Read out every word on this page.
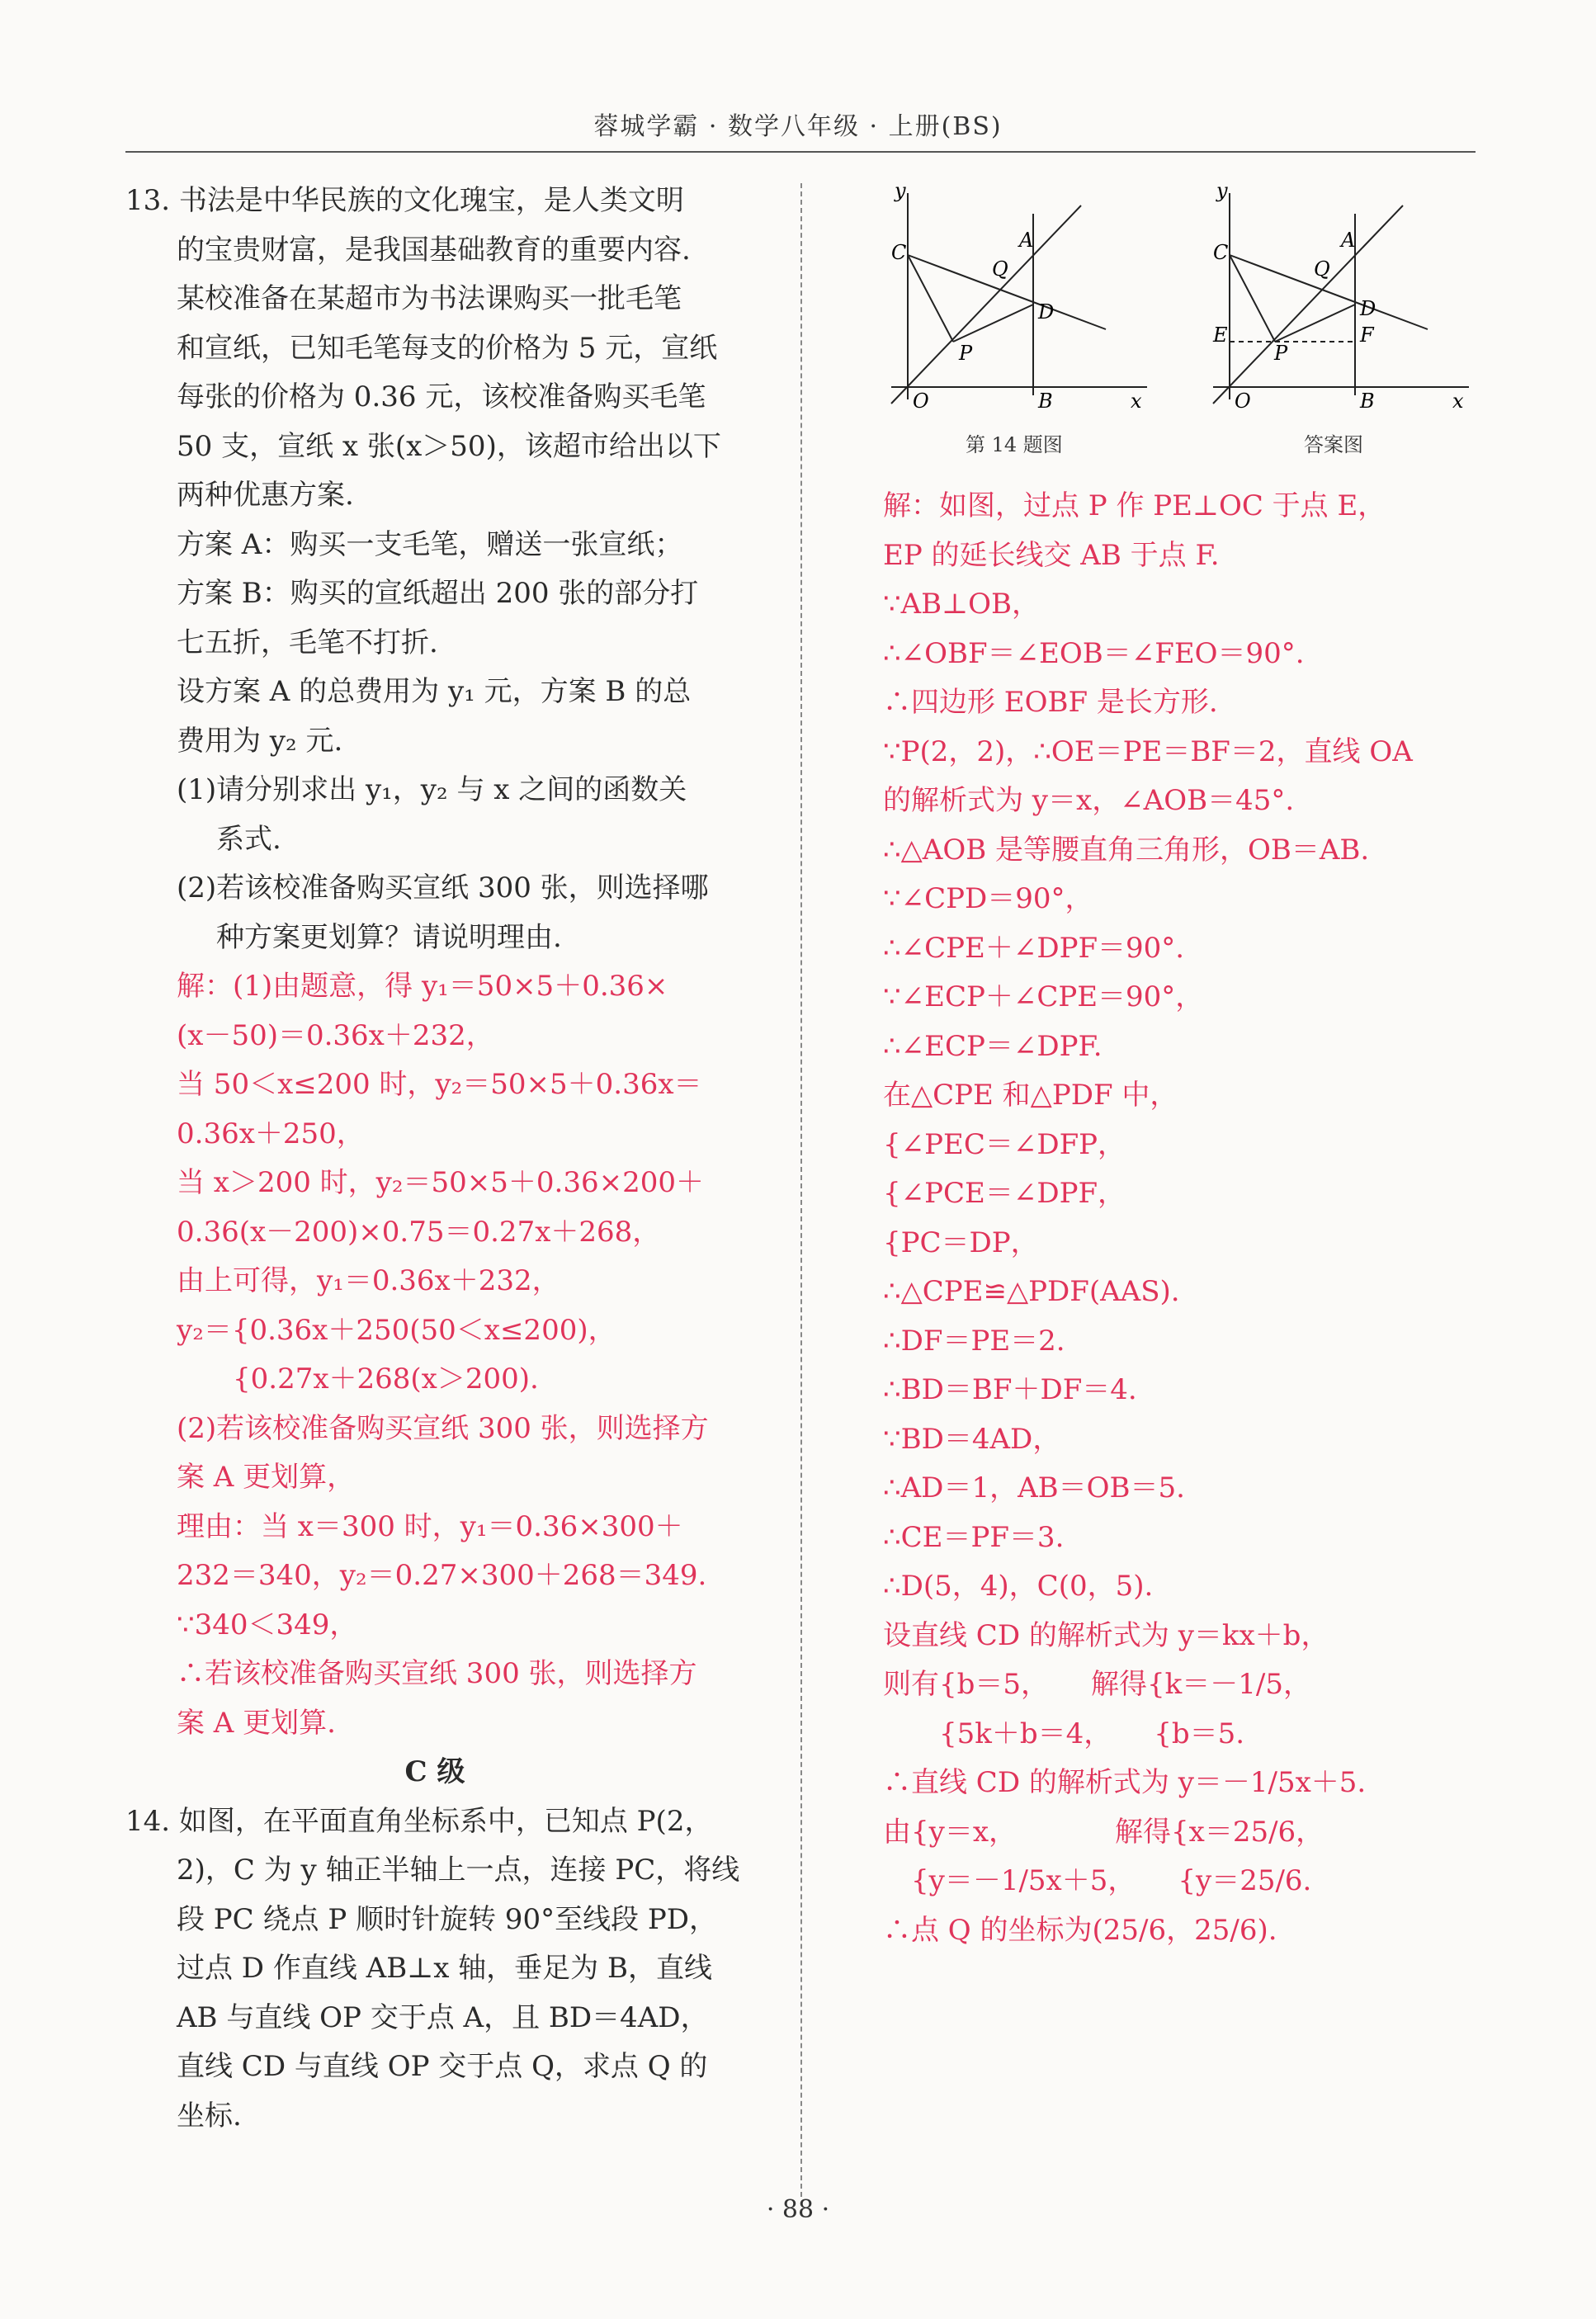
蓉城学霸 · 数学八年级 · 上册(BS)
13. 书法是中华民族的文化瑰宝，是人类文明
的宝贵财富，是我国基础教育的重要内容.
某校准备在某超市为书法课购买一批毛笔
和宣纸，已知毛笔每支的价格为 5 元，宣纸
每张的价格为 0.36 元，该校准备购买毛笔
50 支，宣纸 x 张(x＞50)，该超市给出以下
两种优惠方案.
方案 A：购买一支毛笔，赠送一张宣纸；
方案 B：购买的宣纸超出 200 张的部分打
七五折，毛笔不打折.
设方案 A 的总费用为 y₁ 元，方案 B 的总
费用为 y₂ 元.
(1)请分别求出 y₁，y₂ 与 x 之间的函数关
系式.
(2)若该校准备购买宣纸 300 张，则选择哪
种方案更划算？请说明理由.
解：(1)由题意，得 y₁＝50×5＋0.36×
(x－50)＝0.36x＋232，
当 50＜x≤200 时，y₂＝50×5＋0.36x＝
0.36x＋250，
当 x＞200 时，y₂＝50×5＋0.36×200＋
0.36(x－200)×0.75＝0.27x＋268，
由上可得，y₁＝0.36x＋232，
y₂＝{0.36x＋250(50＜x≤200)，
　　{0.27x＋268(x＞200).
(2)若该校准备购买宣纸 300 张，则选择方
案 A 更划算，
理由：当 x＝300 时，y₁＝0.36×300＋
232＝340，y₂＝0.27×300＋268＝349.
∵340＜349，
∴若该校准备购买宣纸 300 张，则选择方
案 A 更划算.
C 级
14. 如图，在平面直角坐标系中，已知点 P(2，
2)，C 为 y 轴正半轴上一点，连接 PC，将线
段 PC 绕点 P 顺时针旋转 90°至线段 PD，
过点 D 作直线 AB⊥x 轴，垂足为 B，直线
AB 与直线 OP 交于点 A，且 BD＝4AD，
直线 CD 与直线 OP 交于点 Q，求点 Q 的
坐标.
y
x
O	B
C
A
Q
D
P
第 14 题图
y
x
O	B
C
A
Q
D
F
E
P
答案图
解：如图，过点 P 作 PE⊥OC 于点 E，
EP 的延长线交 AB 于点 F.
∵AB⊥OB，
∴∠OBF＝∠EOB＝∠FEO＝90°.
∴四边形 EOBF 是长方形.
∵P(2，2)，∴OE＝PE＝BF＝2，直线 OA
的解析式为 y＝x，∠AOB＝45°.
∴△AOB 是等腰直角三角形，OB＝AB.
∵∠CPD＝90°，
∴∠CPE＋∠DPF＝90°.
∵∠ECP＋∠CPE＝90°，
∴∠ECP＝∠DPF.
在△CPE 和△PDF 中，
{∠PEC＝∠DFP，
{∠PCE＝∠DPF，
{PC＝DP，
∴△CPE≌△PDF(AAS).
∴DF＝PE＝2.
∴BD＝BF＋DF＝4.
∵BD＝4AD，
∴AD＝1，AB＝OB＝5.
∴CE＝PF＝3.
∴D(5，4)，C(0，5).
设直线 CD 的解析式为 y＝kx＋b，
则有{b＝5，　　解得{k＝－1/5，
　　{5k＋b＝4，　　{b＝5.
∴直线 CD 的解析式为 y＝－1/5x＋5.
由{y＝x，　　　　解得{x＝25/6，
　{y＝－1/5x＋5，　　{y＝25/6.
∴点 Q 的坐标为(25/6，25/6).
· 88 ·
